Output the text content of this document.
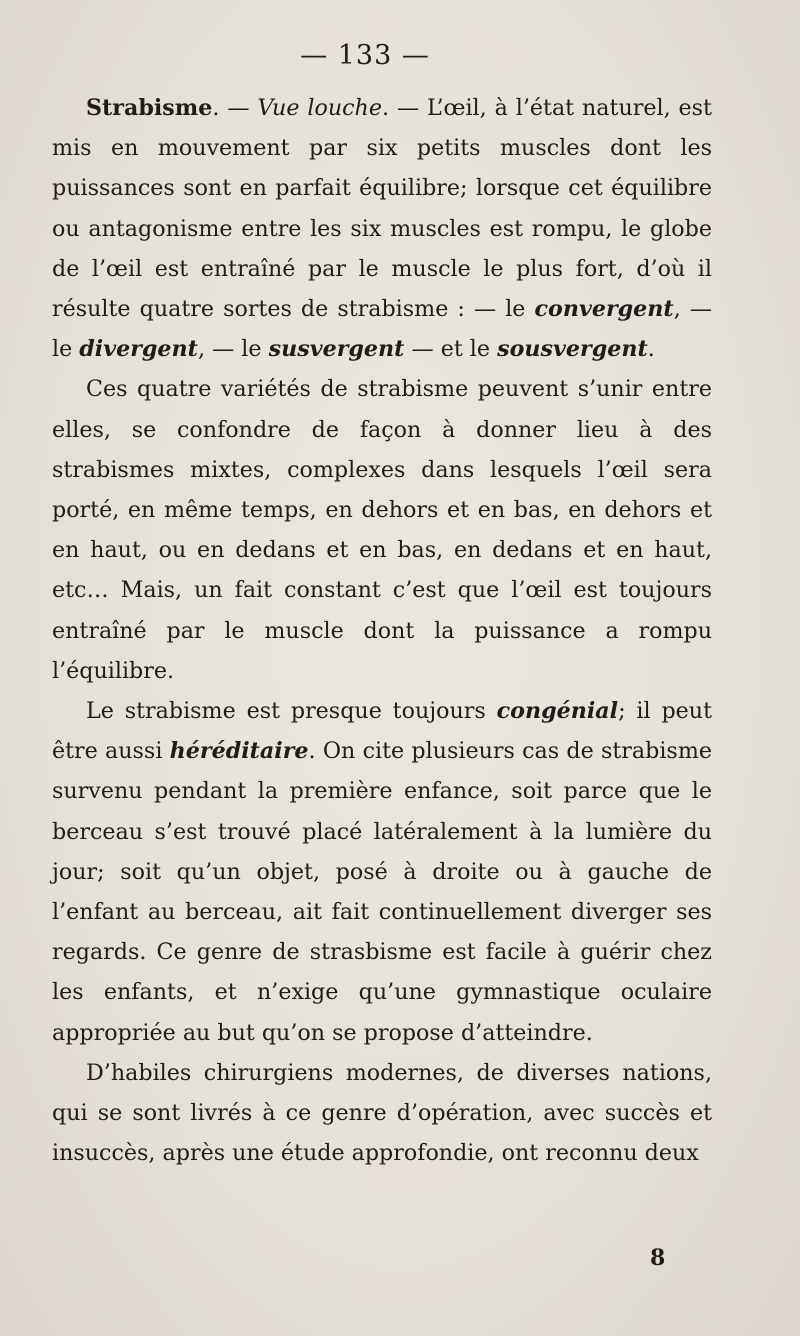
— 133 —

Strabisme. — Vue louche. — L’œil, à l’état naturel, est mis en mouvement par six petits muscles dont les puissances sont en parfait équilibre; lorsque cet équilibre ou antagonisme entre les six muscles est rompu, le globe de l’œil est entraîné par le muscle le plus fort, d’où il résulte quatre sortes de strabisme : — le convergent, — le divergent, — le susvergent — et le sousvergent.

Ces quatre variétés de strabisme peuvent s’unir entre elles, se confondre de façon à donner lieu à des strabismes mixtes, complexes dans lesquels l’œil sera porté, en même temps, en dehors et en bas, en dehors et en haut, ou en dedans et en bas, en dedans et en haut, etc… Mais, un fait constant c’est que l’œil est toujours entraîné par le muscle dont la puissance a rompu l’équilibre.

Le strabisme est presque toujours congénial; il peut être aussi héréditaire. On cite plusieurs cas de strabisme survenu pendant la première enfance, soit parce que le berceau s’est trouvé placé latéralement à la lumière du jour; soit qu’un objet, posé à droite ou à gauche de l’enfant au berceau, ait fait continuellement diverger ses regards. Ce genre de strasbisme est facile à guérir chez les enfants, et n’exige qu’une gymnastique oculaire appropriée au but qu’on se propose d’atteindre.

D’habiles chirurgiens modernes, de diverses nations, qui se sont livrés à ce genre d’opération, avec succès et insuccès, après une étude approfondie, ont reconnu deux

8
